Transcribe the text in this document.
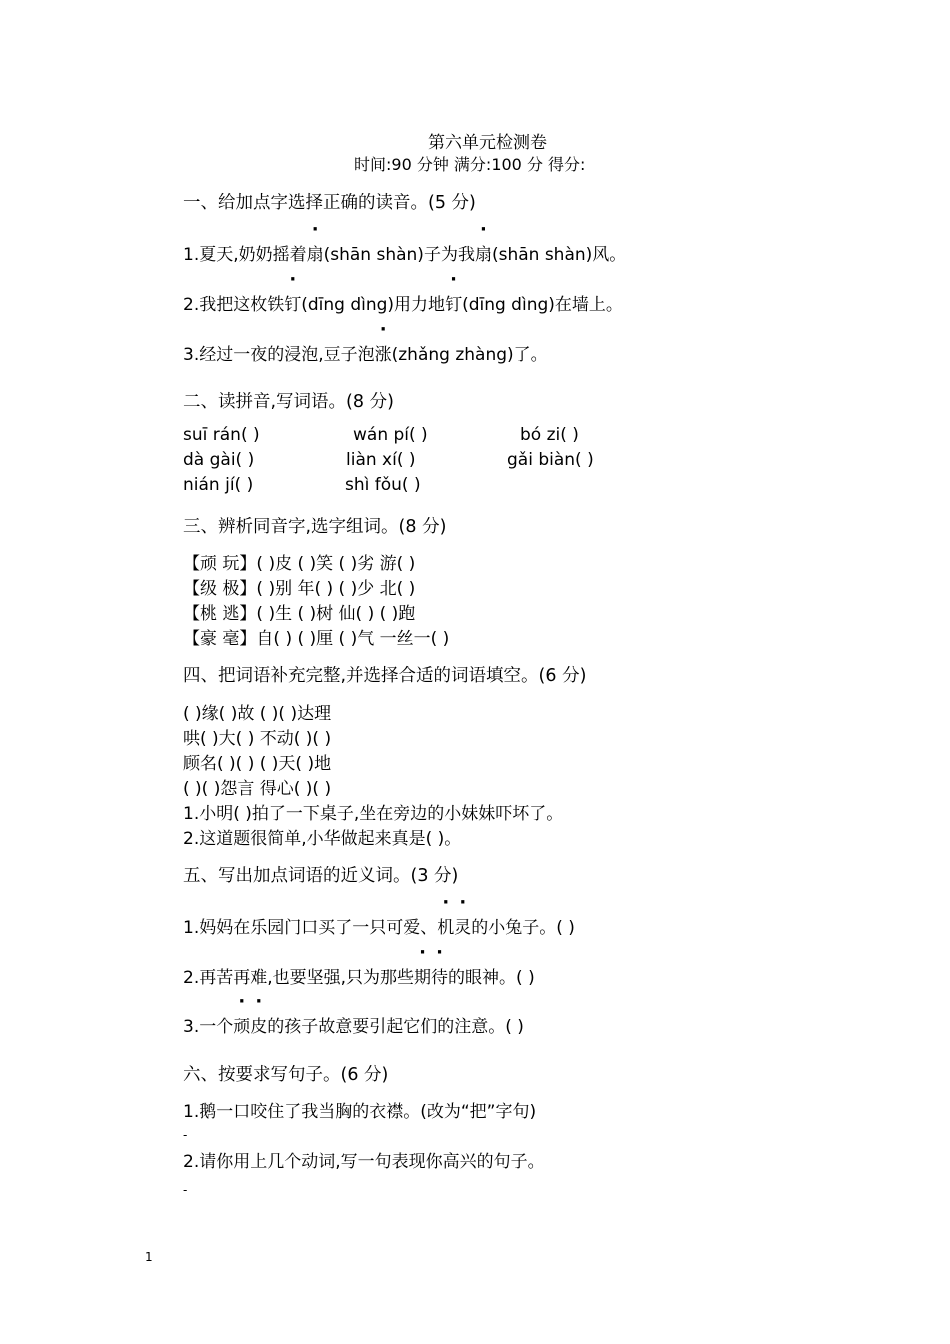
第六单元检测卷
时间:90 分钟 满分:100 分 得分:
一、给加点字选择正确的读音。(5 分)
1.夏天,奶奶摇着扇(shān shàn)子为我扇(shān shàn)风。
2.我把这枚铁钉(dīng dìng)用力地钉(dīng dìng)在墙上。
3.经过一夜的浸泡,豆子泡涨(zhǎng zhàng)了。
二、读拼音,写词语。(8 分)
suī rán( )	wán pí( )	bó zi( )
dà gài( )	liàn xí( )	gǎi biàn( )
nián jí( )	shì fǒu( )
三、辨析同音字,选字组词。(8 分)
【顽 玩】( )皮 ( )笑 ( )劣 游( )
【级 极】( )别 年( ) ( )少 北( )
【桃 逃】( )生 ( )树 仙( ) ( )跑
【豪 毫】自( ) ( )厘 ( )气 一丝一( )
四、把词语补充完整,并选择合适的词语填空。(6 分)
( )缘( )故 ( )( )达理
哄( )大( ) 不动( )( )
顾名( )( ) ( )天( )地
( )( )怨言 得心( )( )
1.小明( )拍了一下桌子,坐在旁边的小妹妹吓坏了。
2.这道题很简单,小华做起来真是( )。
五、写出加点词语的近义词。(3 分)
1.妈妈在乐园门口买了一只可爱、机灵的小兔子。( )
2.再苦再难,也要坚强,只为那些期待的眼神。( )
3.一个顽皮的孩子故意要引起它们的注意。( )
六、按要求写句子。(6 分)
1.鹅一口咬住了我当胸的衣襟。(改为“把”字句)
-
2.请你用上几个动词,写一句表现你高兴的句子。
-
1
